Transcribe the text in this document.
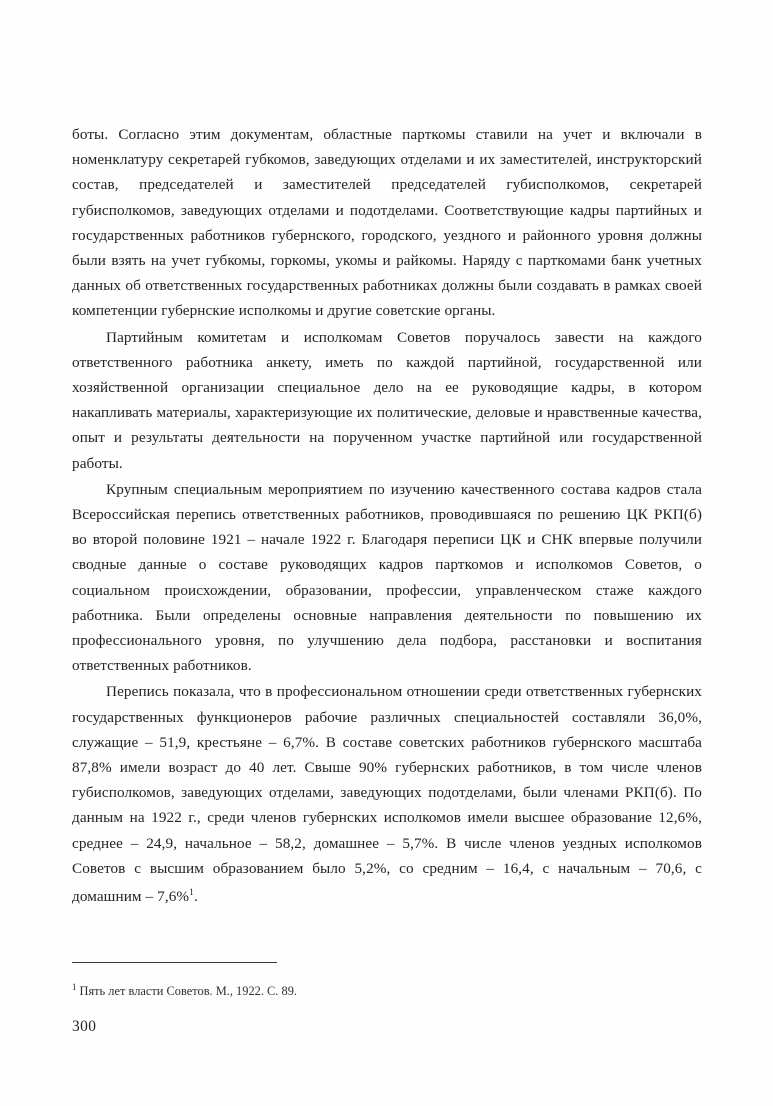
боты. Согласно этим документам, областные парткомы ставили на учет и включали в номенклатуру секретарей губкомов, заведующих отделами и их заместителей, инструкторский состав, председателей и заместителей председателей губисполкомов, секретарей губисполкомов, заведующих отделами и подотделами. Соответствующие кадры партийных и государственных работников губернского, городского, уездного и районного уровня должны были взять на учет губкомы, горкомы, укомы и райкомы. Наряду с парткомами банк учетных данных об ответственных государственных работниках должны были создавать в рамках своей компетенции губернские исполкомы и другие советские органы.

Партийным комитетам и исполкомам Советов поручалось завести на каждого ответственного работника анкету, иметь по каждой партийной, государственной или хозяйственной организации специальное дело на ее руководящие кадры, в котором накапливать материалы, характеризующие их политические, деловые и нравственные качества, опыт и результаты деятельности на порученном участке партийной или государственной работы.

Крупным специальным мероприятием по изучению качественного состава кадров стала Всероссийская перепись ответственных работников, проводившаяся по решению ЦК РКП(б) во второй половине 1921 – начале 1922 г. Благодаря переписи ЦК и СНК впервые получили сводные данные о составе руководящих кадров парткомов и исполкомов Советов, о социальном происхождении, образовании, профессии, управленческом стаже каждого работника. Были определены основные направления деятельности по повышению их профессионального уровня, по улучшению дела подбора, расстановки и воспитания ответственных работников.

Перепись показала, что в профессиональном отношении среди ответственных губернских государственных функционеров рабочие различных специальностей составляли 36,0%, служащие – 51,9, крестьяне – 6,7%. В составе советских работников губернского масштаба 87,8% имели возраст до 40 лет. Свыше 90% губернских работников, в том числе членов губисполкомов, заведующих отделами, заведующих подотделами, были членами РКП(б). По данным на 1922 г., среди членов губернских исполкомов имели высшее образование 12,6%, среднее – 24,9, начальное – 58,2, домашнее – 5,7%. В числе членов уездных исполкомов Советов с высшим образованием было 5,2%, со средним – 16,4, с начальным – 70,6, с домашним – 7,6%$^1$.

$^1$ Пять лет власти Советов. М., 1922. С. 89.
300
